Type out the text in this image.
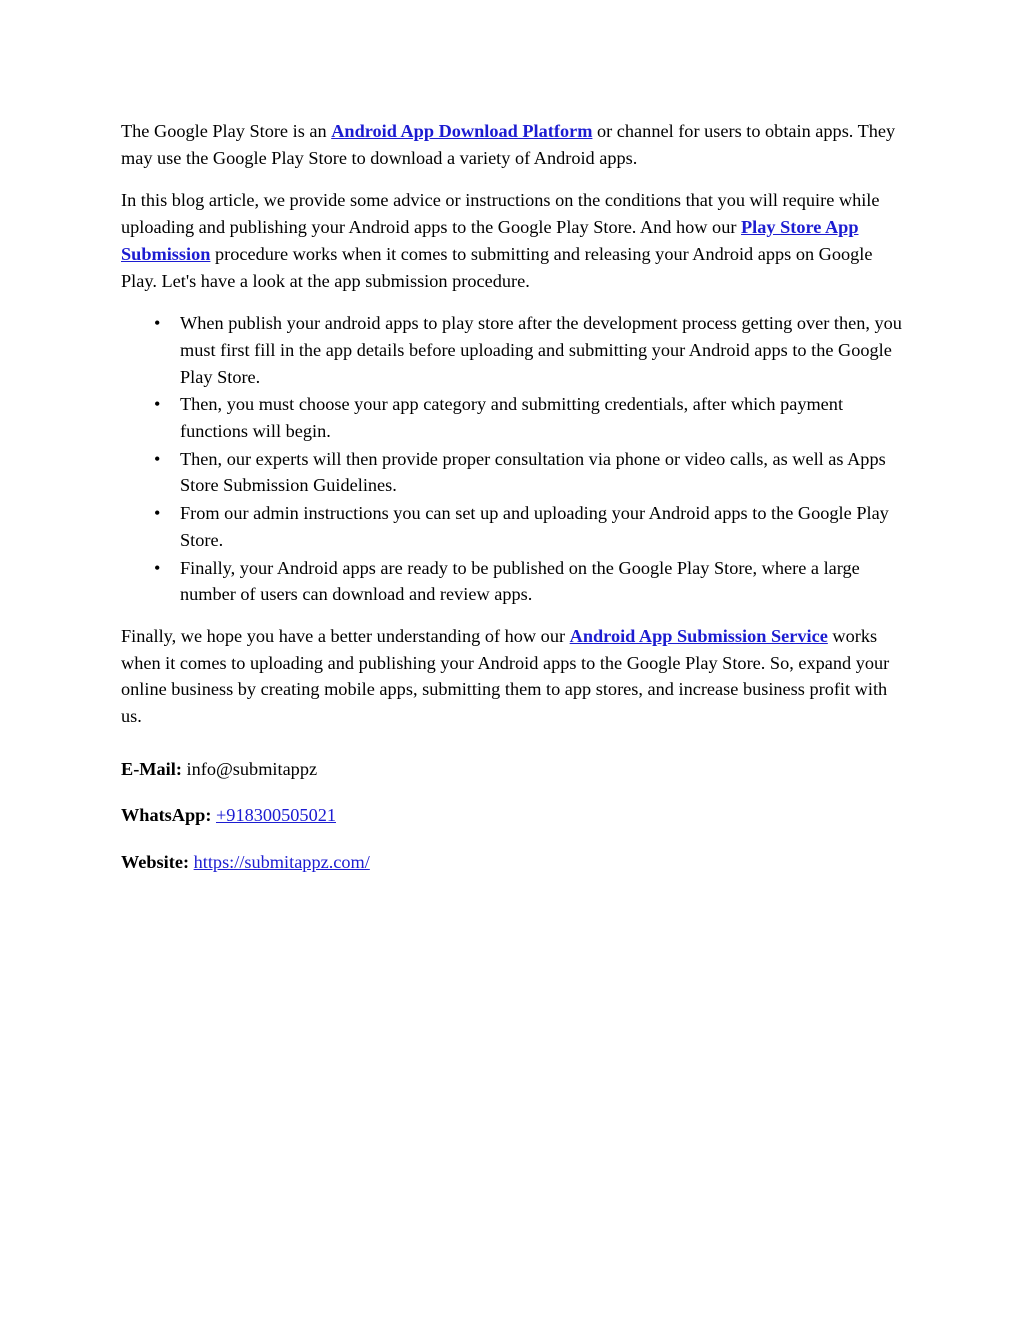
The Google Play Store is an Android App Download Platform or channel for users to obtain apps. They may use the Google Play Store to download a variety of Android apps.

In this blog article, we provide some advice or instructions on the conditions that you will require while uploading and publishing your Android apps to the Google Play Store. And how our Play Store App Submission procedure works when it comes to submitting and releasing your Android apps on Google Play. Let's have a look at the app submission procedure.

• When publish your android apps to play store after the development process getting over then, you must first fill in the app details before uploading and submitting your Android apps to the Google Play Store.
• Then, you must choose your app category and submitting credentials, after which payment functions will begin.
• Then, our experts will then provide proper consultation via phone or video calls, as well as Apps Store Submission Guidelines.
• From our admin instructions you can set up and uploading your Android apps to the Google Play Store.
• Finally, your Android apps are ready to be published on the Google Play Store, where a large number of users can download and review apps.

Finally, we hope you have a better understanding of how our Android App Submission Service works when it comes to uploading and publishing your Android apps to the Google Play Store. So, expand your online business by creating mobile apps, submitting them to app stores, and increase business profit with us.

E-Mail: info@submitappz
WhatsApp: +918300505021
Website: https://submitappz.com/
